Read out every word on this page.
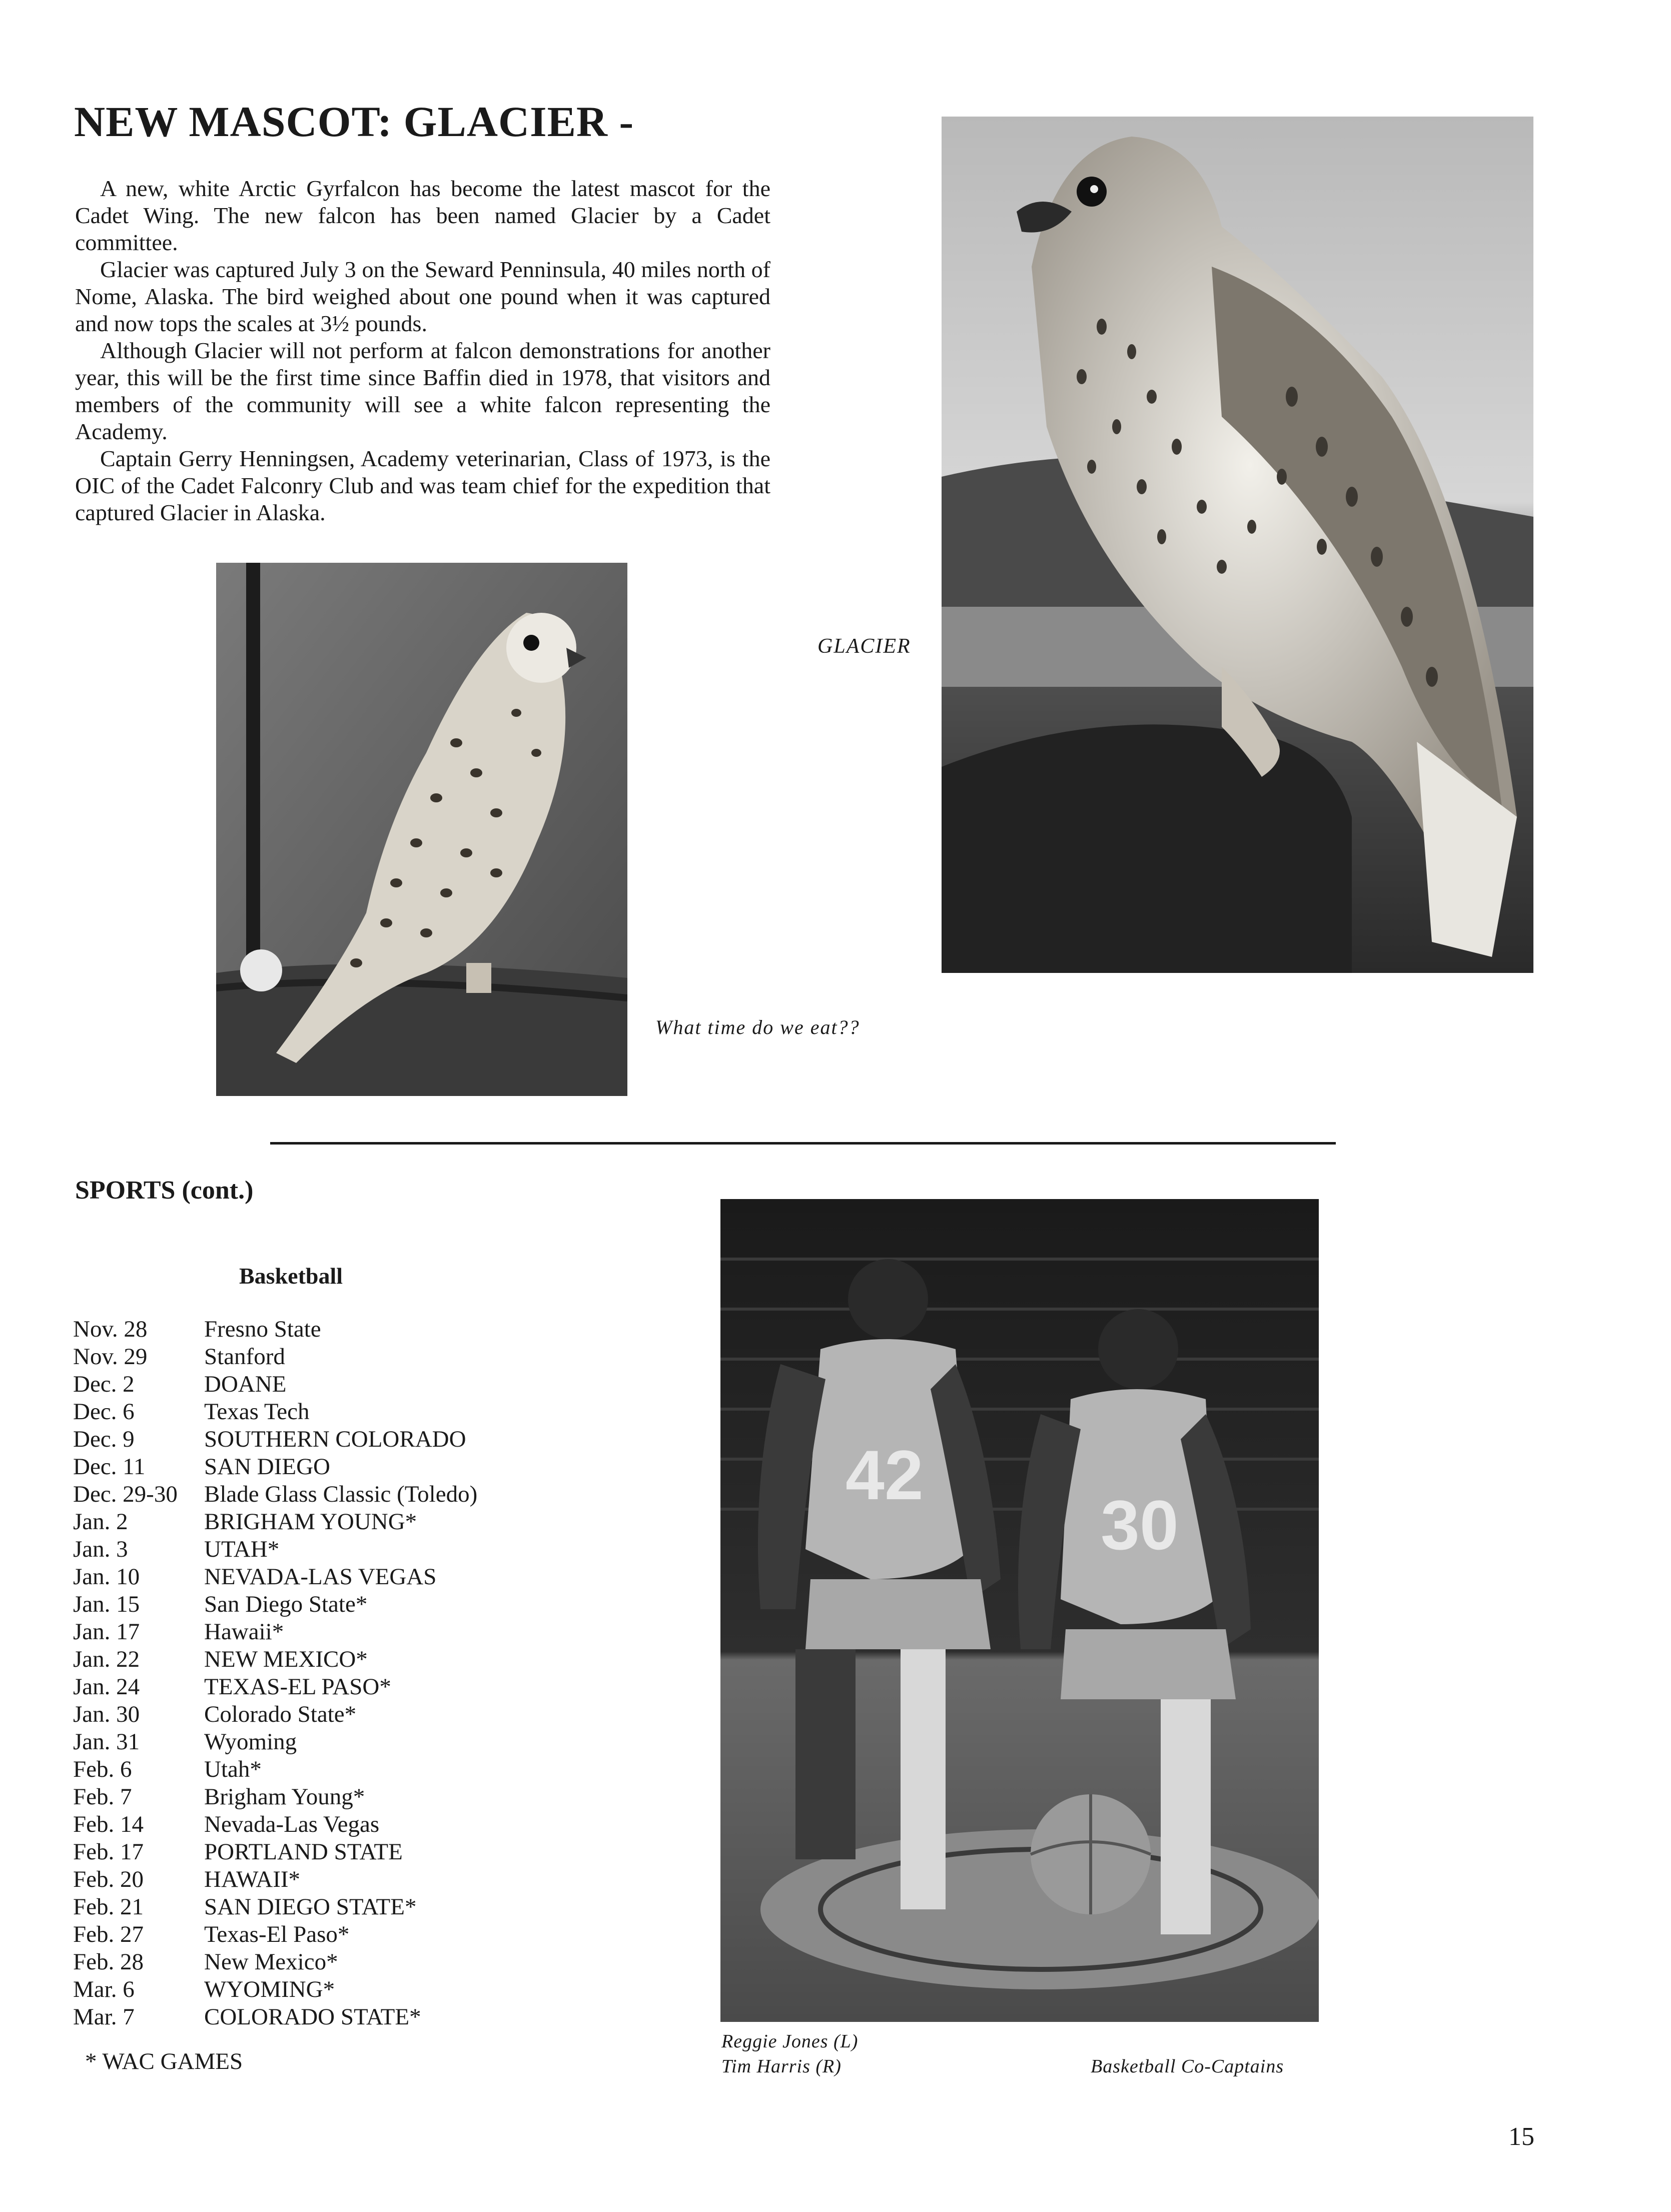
NEW MASCOT: GLACIER -

A new, white Arctic Gyrfalcon has become the latest mascot for the Cadet Wing. The new falcon has been named Glacier by a Cadet committee.

Glacier was captured July 3 on the Seward Penninsula, 40 miles north of Nome, Alaska. The bird weighed about one pound when it was captured and now tops the scales at 3½ pounds.

Although Glacier will not perform at falcon demonstrations for another year, this will be the first time since Baffin died in 1978, that visitors and members of the community will see a white falcon representing the Academy.

Captain Gerry Henningsen, Academy veterinarian, Class of 1973, is the OIC of the Cadet Falconry Club and was team chief for the expedition that captured Glacier in Alaska.

GLACIER
What time do we eat??
SPORTS (cont.)
Basketball
Nov. 28	Fresno State
Nov. 29	Stanford
Dec. 2	DOANE
Dec. 6	Texas Tech
Dec. 9	SOUTHERN COLORADO
Dec. 11	SAN DIEGO
Dec. 29-30	Blade Glass Classic (Toledo)
Jan. 2	BRIGHAM YOUNG*
Jan. 3	UTAH*
Jan. 10	NEVADA-LAS VEGAS
Jan. 15	San Diego State*
Jan. 17	Hawaii*
Jan. 22	NEW MEXICO*
Jan. 24	TEXAS-EL PASO*
Jan. 30	Colorado State*
Jan. 31	Wyoming
Feb. 6	Utah*
Feb. 7	Brigham Young*
Feb. 14	Nevada-Las Vegas
Feb. 17	PORTLAND STATE
Feb. 20	HAWAII*
Feb. 21	SAN DIEGO STATE*
Feb. 27	Texas-El Paso*
Feb. 28	New Mexico*
Mar. 6	WYOMING*
Mar. 7	COLORADO STATE*
* WAC GAMES
42
30
Reggie Jones (L)
Tim Harris (R)	Basketball Co-Captains
15
